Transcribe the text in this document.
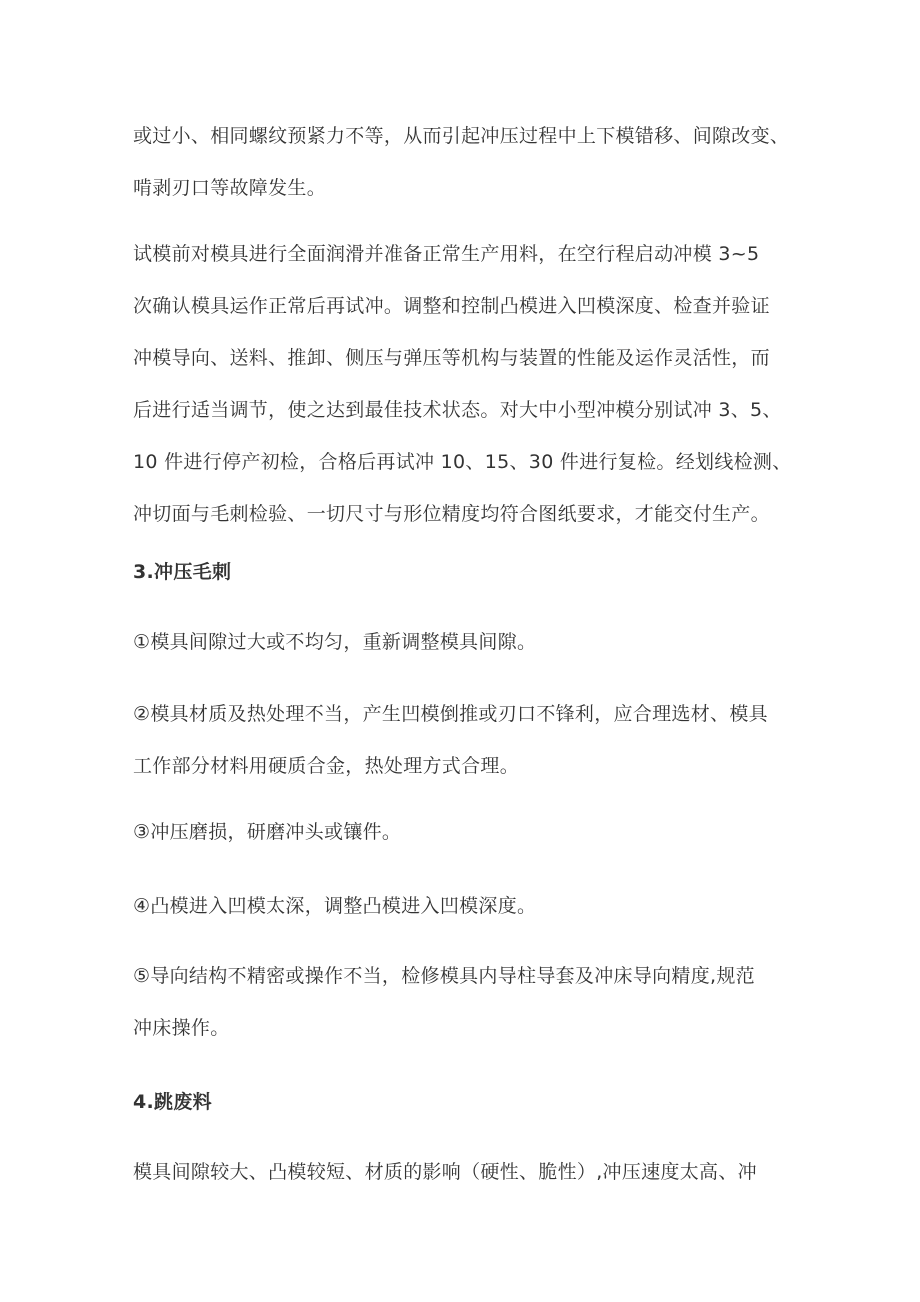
或过小、相同螺纹预紧力不等，从而引起冲压过程中上下模错移、间隙改变、
啃剥刃口等故障发生。
试模前对模具进行全面润滑并准备正常生产用料，在空行程启动冲模 3~5
次确认模具运作正常后再试冲。调整和控制凸模进入凹模深度、检查并验证
冲模导向、送料、推卸、侧压与弹压等机构与装置的性能及运作灵活性，而
后进行适当调节，使之达到最佳技术状态。对大中小型冲模分别试冲 3、5、
10 件进行停产初检，合格后再试冲 10、15、30 件进行复检。经划线检测、
冲切面与毛刺检验、一切尺寸与形位精度均符合图纸要求，才能交付生产。
3.冲压毛刺
①模具间隙过大或不均匀，重新调整模具间隙。
②模具材质及热处理不当，产生凹模倒推或刃口不锋利，应合理选材、模具
工作部分材料用硬质合金，热处理方式合理。
③冲压磨损，研磨冲头或镶件。
④凸模进入凹模太深，调整凸模进入凹模深度。
⑤导向结构不精密或操作不当，检修模具内导柱导套及冲床导向精度,规范
冲床操作。
4.跳废料
模具间隙较大、凸模较短、材质的影响（硬性、脆性）,冲压速度太高、冲
